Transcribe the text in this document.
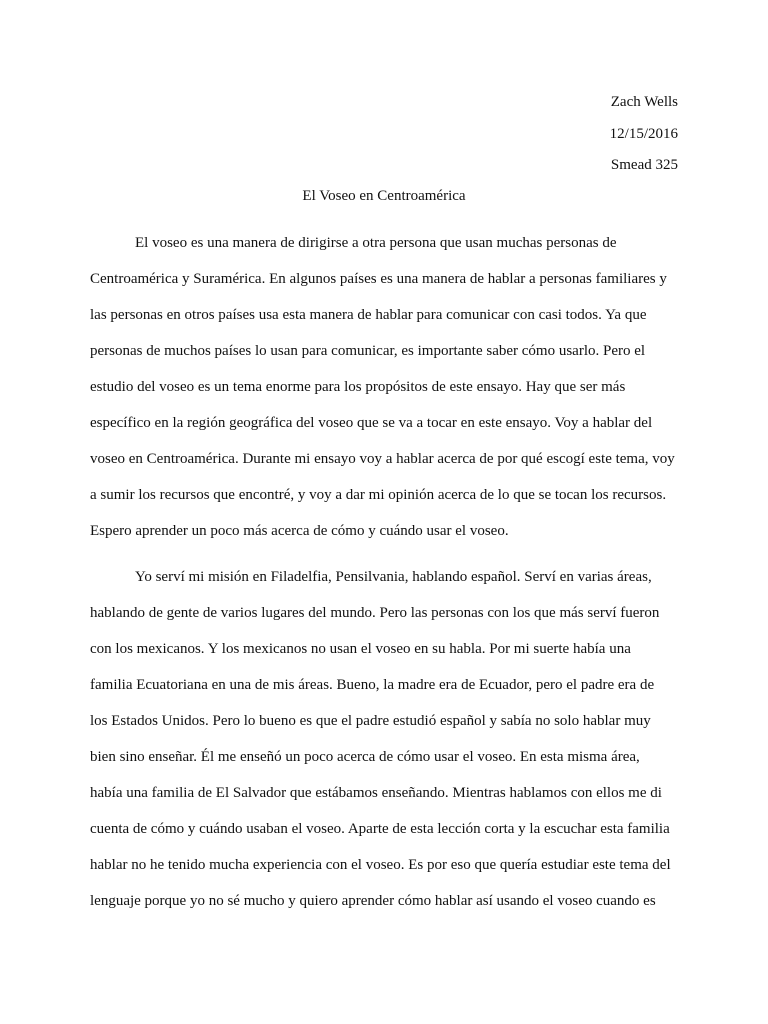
Zach Wells
12/15/2016
Smead 325
El Voseo en Centroamérica
El voseo es una manera de dirigirse a otra persona que usan muchas personas de
Centroamérica y Suramérica. En algunos países es una manera de hablar a personas familiares y
las personas en otros países usa esta manera de hablar para comunicar con casi todos. Ya que
personas de muchos países lo usan para comunicar, es importante saber cómo usarlo. Pero el
estudio del voseo es un tema enorme para los propósitos de este ensayo. Hay que ser más
específico en la región geográfica del voseo que se va a tocar en este ensayo. Voy a hablar del
voseo en Centroamérica. Durante mi ensayo voy a hablar acerca de por qué escogí este tema, voy
a sumir los recursos que encontré, y voy a dar mi opinión acerca de lo que se tocan los recursos.
Espero aprender un poco más acerca de cómo y cuándo usar el voseo.
Yo serví mi misión en Filadelfia, Pensilvania, hablando español. Serví en varias áreas,
hablando de gente de varios lugares del mundo. Pero las personas con los que más serví fueron
con los mexicanos. Y los mexicanos no usan el voseo en su habla. Por mi suerte había una
familia Ecuatoriana en una de mis áreas. Bueno, la madre era de Ecuador, pero el padre era de
los Estados Unidos. Pero lo bueno es que el padre estudió español y sabía no solo hablar muy
bien sino enseñar. Él me enseñó un poco acerca de cómo usar el voseo. En esta misma área,
había una familia de El Salvador que estábamos enseñando. Mientras hablamos con ellos me di
cuenta de cómo y cuándo usaban el voseo. Aparte de esta lección corta y la escuchar esta familia
hablar no he tenido mucha experiencia con el voseo. Es por eso que quería estudiar este tema del
lenguaje porque yo no sé mucho y quiero aprender cómo hablar así usando el voseo cuando es
